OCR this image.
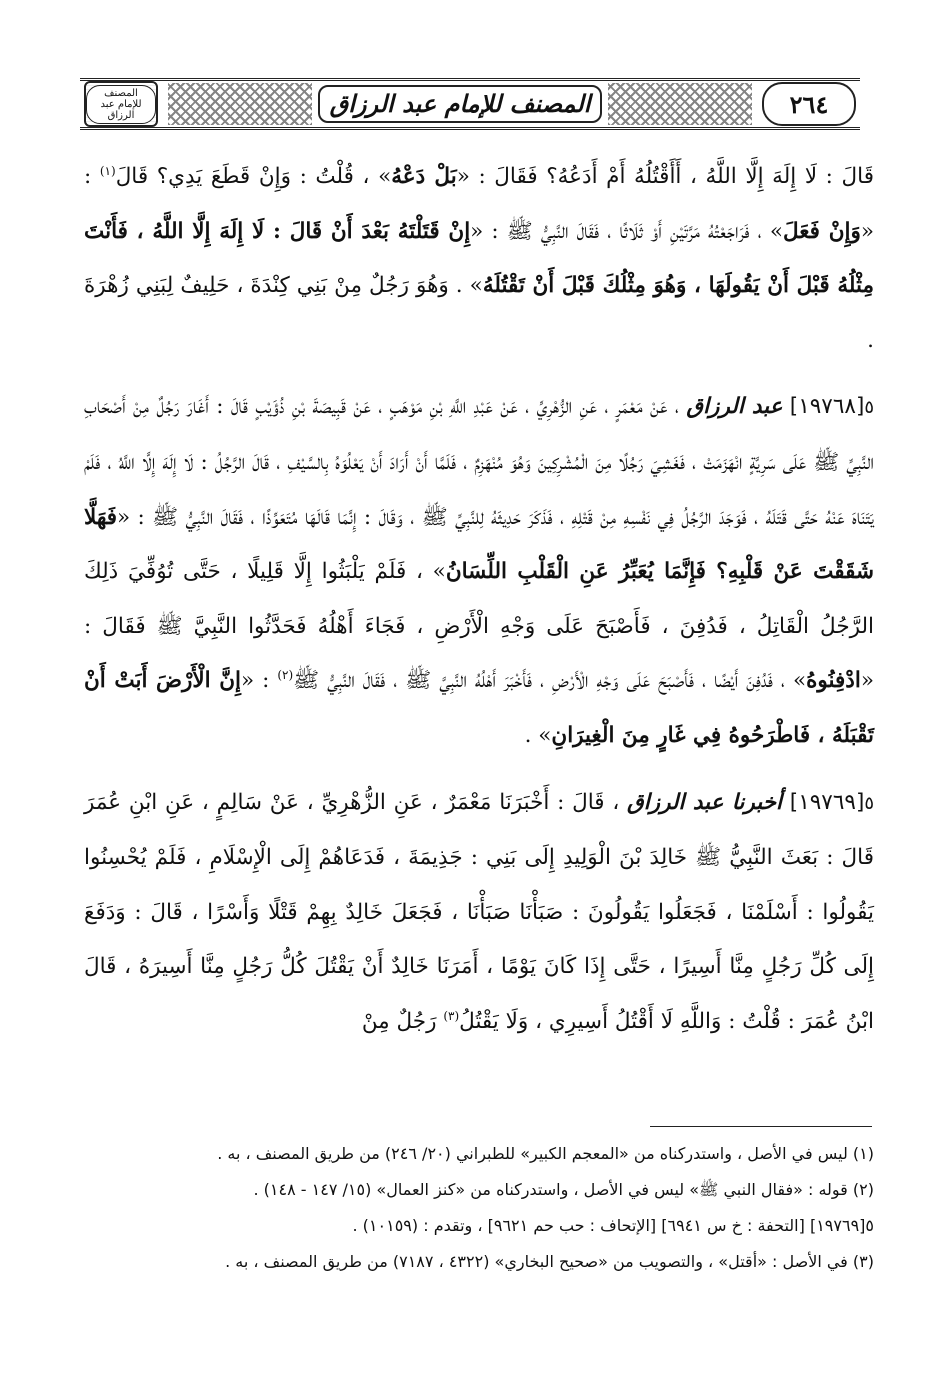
المصنف
للإمام عبد الرزاق	المصنف للإمام عبد الرزاق	٢٦٤

قَالَ : لَا إِلَهَ إِلَّا اللَّهُ ، أَأَقْتُلُهُ أَمْ أَدَعُهُ؟ فَقَالَ : «بَلْ دَعْهُ» ، قُلْتُ : وَإِنْ قَطَعَ يَدِي؟ قَالَ$^{(١)}$ : «وَإِنْ فَعَلَ» ، فَرَاجَعْتُهُ مَرَّتَيْنِ أَوْ ثَلَاثًا ، فَقَالَ النَّبِيُّ ﷺ : «إِنْ قَتَلْتَهُ بَعْدَ أَنْ قَالَ : لَا إِلَهَ إِلَّا اللَّهُ ، فَأَنْتَ مِثْلُهُ قَبْلَ أَنْ يَقُولَهَا ، وَهُوَ مِثْلُكَ قَبْلَ أَنْ تَقْتُلَهُ» . وَهُوَ رَجُلٌ مِنْ بَنِي كِنْدَةَ ، حَلِيفٌ لِبَنِي زُهْرَةَ .

٥[١٩٧٦٨] عبد الرزاق ، عَنْ مَعْمَرٍ ، عَنِ الزُّهْرِيِّ ، عَنْ عَبْدِ اللَّهِ بْنِ مَوْهَبٍ ، عَنْ قَبِيصَةَ بْنِ ذُؤَيْبٍ قَالَ : أَغَارَ رَجُلٌ مِنْ أَصْحَابِ النَّبِيِّ ﷺ عَلَى سَرِيَّةٍ انْهَزَمَتْ ، فَغَشِيَ رَجُلًا مِنَ الْمُشْرِكِينَ وَهُوَ مُنْهَزِمٌ ، فَلَمَّا أَنْ أَرَادَ أَنْ يَعْلُوَهُ بِالسَّيْفِ ، قَالَ الرَّجُلُ : لَا إِلَهَ إِلَّا اللَّهُ ، فَلَمْ يَتَنَاهَ عَنْهُ حَتَّى قَتَلَهُ ، فَوَجَدَ الرَّجُلُ فِي نَفْسِهِ مِنْ قَتْلِهِ ، فَذَكَرَ حَدِيثَهُ لِلنَّبِيِّ ﷺ ، وَقَالَ : إِنَّمَا قَالَهَا مُتَعَوِّذًا ، فَقَالَ النَّبِيُّ ﷺ : «فَهَلَّا شَقَقْتَ عَنْ قَلْبِهِ؟ فَإِنَّمَا يُعَبِّرُ عَنِ الْقَلْبِ اللِّسَانُ» ، فَلَمْ يَلْبَثُوا إِلَّا قَلِيلًا ، حَتَّى تُوُفِّيَ ذَلِكَ الرَّجُلُ الْقَاتِلُ ، فَدُفِنَ ، فَأَصْبَحَ عَلَى وَجْهِ الْأَرْضِ ، فَجَاءَ أَهْلُهُ فَحَدَّثُوا النَّبِيَّ ﷺ فَقَالَ : «ادْفِنُوهُ» ، فَدُفِنَ أَيْضًا ، فَأَصْبَحَ عَلَى وَجْهِ الْأَرْضِ ، فَأَخْبَرَ أَهْلُهُ النَّبِيَّ ﷺ ، فَقَالَ النَّبِيُّ ﷺ$^{(٢)}$ : «إِنَّ الْأَرْضَ أَبَتْ أَنْ تَقْبَلَهُ ، فَاطْرَحُوهُ فِي غَارٍ مِنَ الْغِيرَانِ» .

٥[١٩٧٦٩] أخبرنا عبد الرزاق ، قَالَ : أَخْبَرَنَا مَعْمَرٌ ، عَنِ الزُّهْرِيِّ ، عَنْ سَالِمٍ ، عَنِ ابْنِ عُمَرَ قَالَ : بَعَثَ النَّبِيُّ ﷺ خَالِدَ بْنَ الْوَلِيدِ إِلَى بَنِي : جَذِيمَةَ ، فَدَعَاهُمْ إِلَى الْإِسْلَامِ ، فَلَمْ يُحْسِنُوا يَقُولُوا : أَسْلَمْنَا ، فَجَعَلُوا يَقُولُونَ : صَبَأْنَا صَبَأْنَا ، فَجَعَلَ خَالِدٌ بِهِمْ قَتْلًا وَأَسْرًا ، قَالَ : وَدَفَعَ إِلَى كُلِّ رَجُلٍ مِنَّا أَسِيرًا ، حَتَّى إِذَا كَانَ يَوْمًا ، أَمَرَنَا خَالِدٌ أَنْ يَقْتُلَ كُلُّ رَجُلٍ مِنَّا أَسِيرَهُ ، قَالَ ابْنُ عُمَرَ : قُلْتُ : وَاللَّهِ لَا أَقْتُلُ أَسِيرِي ، وَلَا يَقْتُلُ$^{(٣)}$ رَجُلٌ مِنْ

(١) ليس في الأصل ، واستدركناه من «المعجم الكبير» للطبراني (٢٠/ ٢٤٦) من طريق المصنف ، به .

(٢) قوله : «فقال النبي ﷺ» ليس في الأصل ، واستدركناه من «كنز العمال» (١٥/ ١٤٧ - ١٤٨) .

٥[١٩٧٦٩] [التحفة : خ س ٦٩٤١] [الإتحاف : حب حم ٩٦٢١] ، وتقدم : (١٠١٥٩) .

(٣) في الأصل : «أقتل» ، والتصويب من «صحيح البخاري» (٤٣٢٢ ، ٧١٨٧) من طريق المصنف ، به .
